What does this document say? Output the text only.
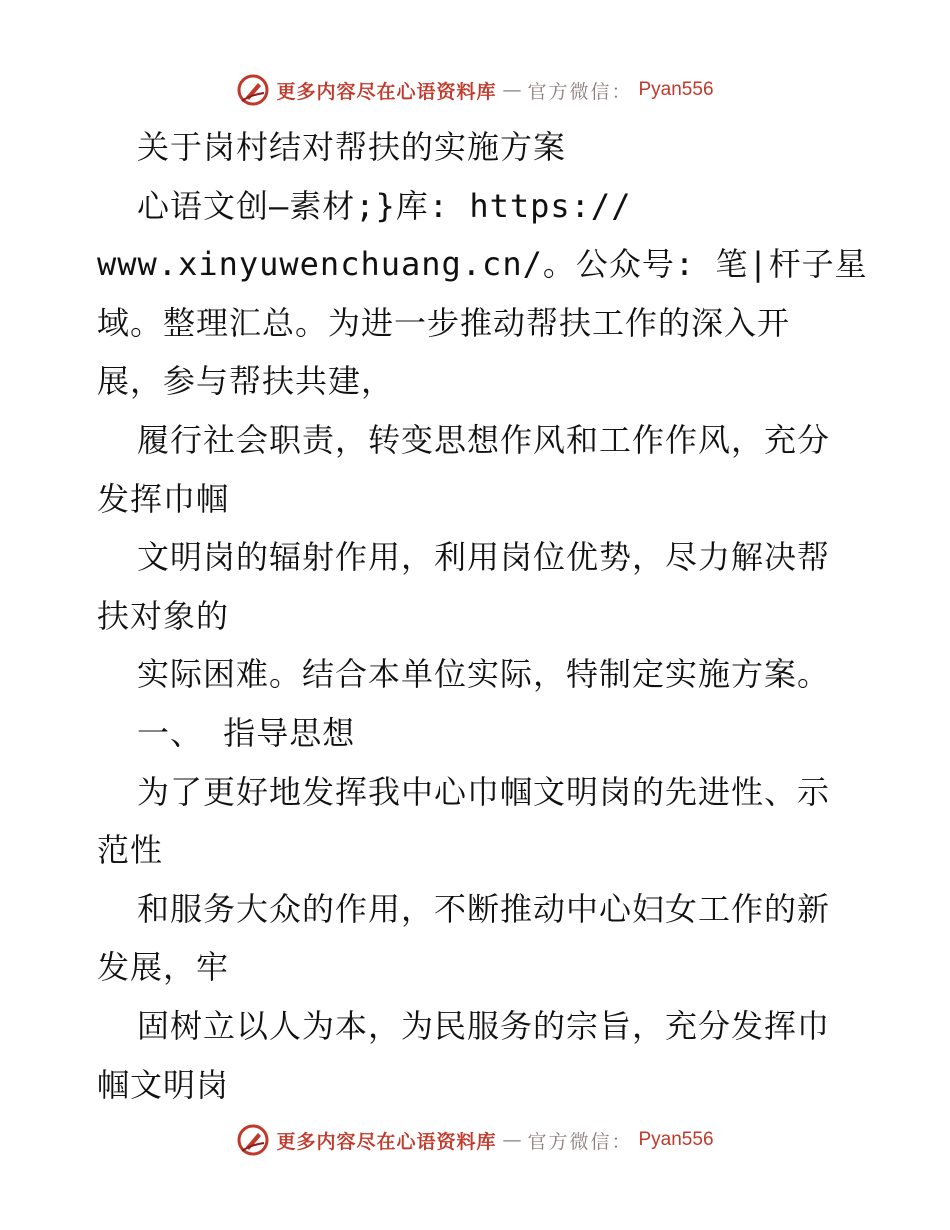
更多内容尽在心语资料库 — 官方微信： Pyan556
关于岗村结对帮扶的实施方案
心语文创—素材;}库: https://
www.xinyuwenchuang.cn/。公众号: 笔|杆子星
域。整理汇总。为进一步推动帮扶工作的深入开
展，参与帮扶共建，
履行社会职责，转变思想作风和工作作风，充分
发挥巾帼
文明岗的辐射作用，利用岗位优势，尽力解决帮
扶对象的
实际困难。结合本单位实际，特制定实施方案。
一、 指导思想
为了更好地发挥我中心巾帼文明岗的先进性、示
范性
和服务大众的作用，不断推动中心妇女工作的新
发展，牢
固树立以人为本，为民服务的宗旨，充分发挥巾
帼文明岗
更多内容尽在心语资料库 — 官方微信： Pyan556
